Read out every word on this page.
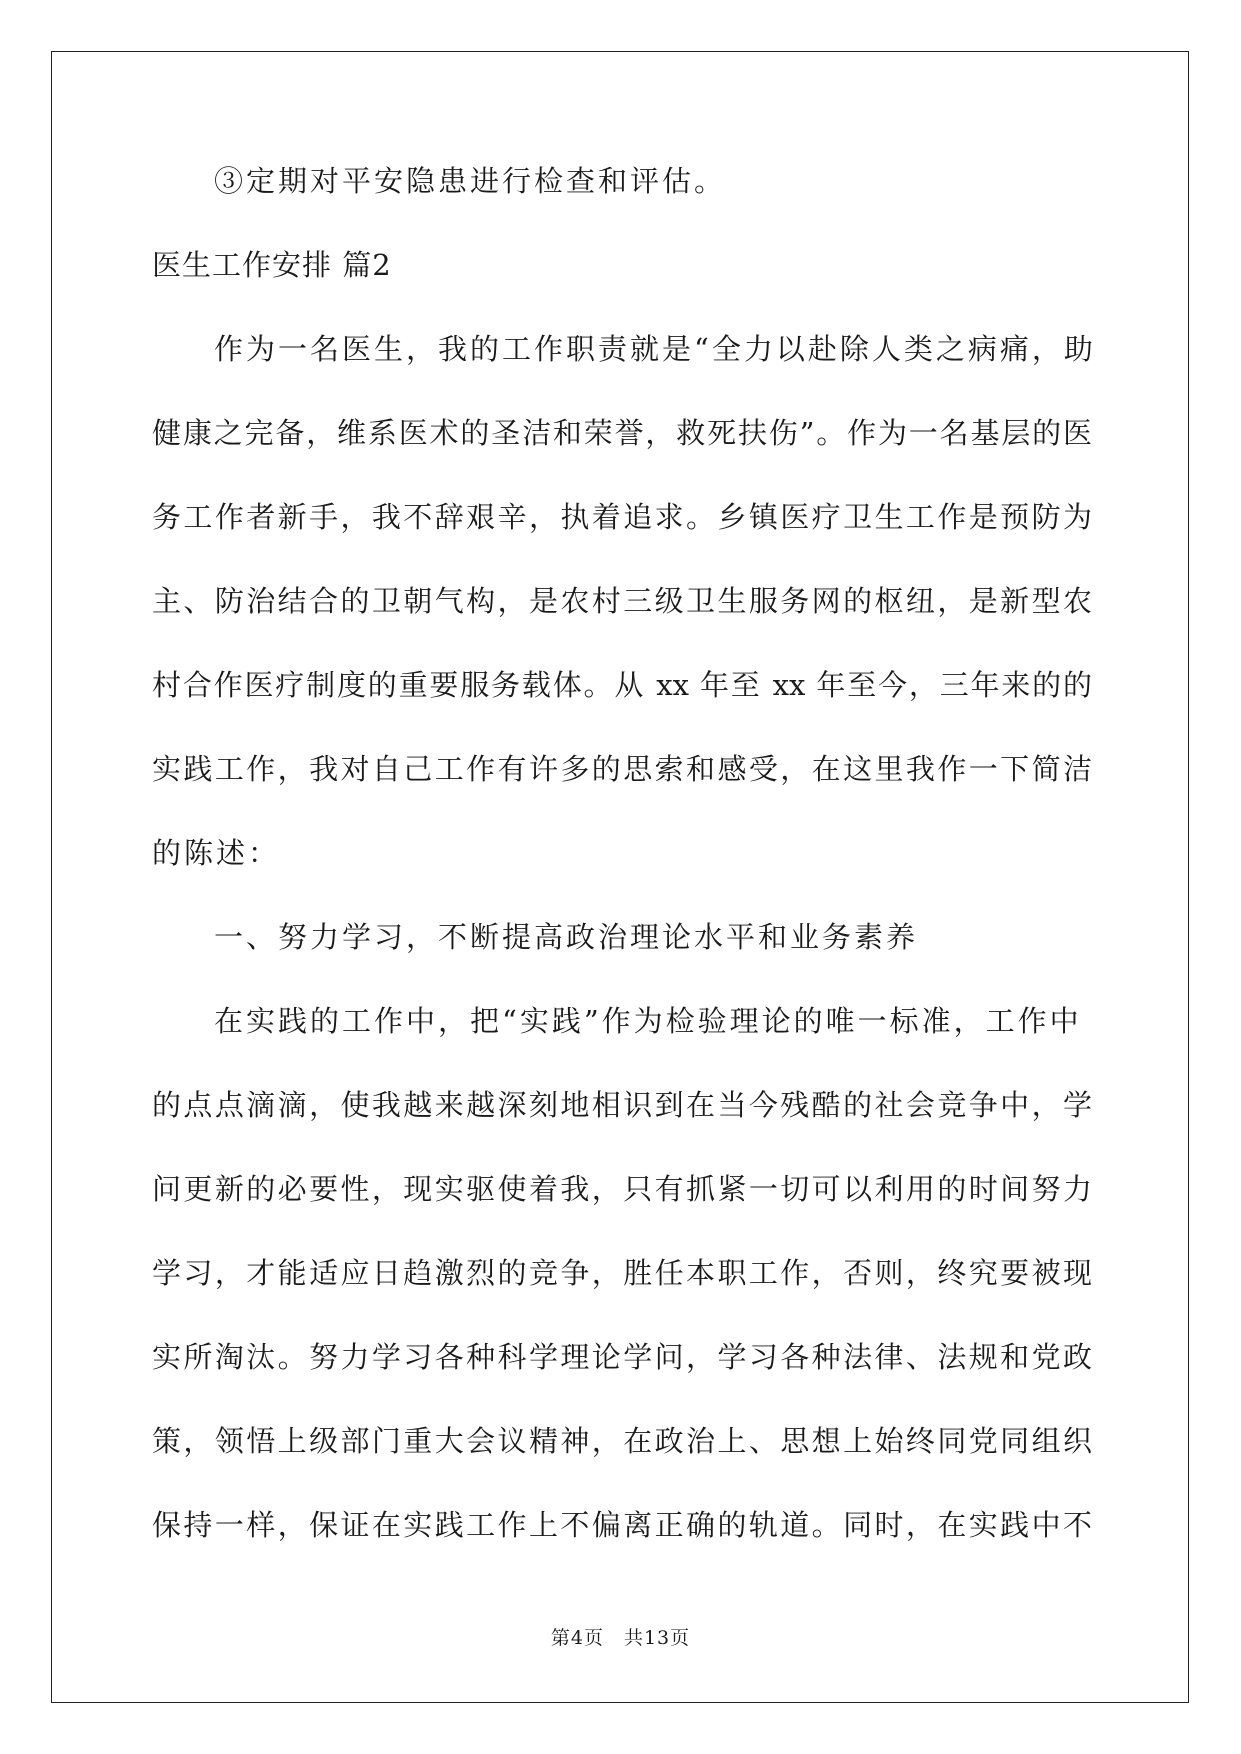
③定期对平安隐患进行检查和评估。
医生工作安排 篇2
作为一名医生，我的工作职责就是“全力以赴除人类之病痛，助
健康之完备，维系医术的圣洁和荣誉，救死扶伤”。作为一名基层的医
务工作者新手，我不辞艰辛，执着追求。乡镇医疗卫生工作是预防为
主、防治结合的卫朝气构，是农村三级卫生服务网的枢纽，是新型农
村合作医疗制度的重要服务载体。从 xx 年至 xx 年至今，三年来的的
实践工作，我对自己工作有许多的思索和感受，在这里我作一下简洁
的陈述：
一、努力学习，不断提高政治理论水平和业务素养
在实践的工作中，把“实践”作为检验理论的唯一标准，工作中
的点点滴滴，使我越来越深刻地相识到在当今残酷的社会竞争中，学
问更新的必要性，现实驱使着我，只有抓紧一切可以利用的时间努力
学习，才能适应日趋激烈的竞争，胜任本职工作，否则，终究要被现
实所淘汰。努力学习各种科学理论学问，学习各种法律、法规和党政
策，领悟上级部门重大会议精神，在政治上、思想上始终同党同组织
保持一样，保证在实践工作上不偏离正确的轨道。同时，在实践中不
第4页　共13页
